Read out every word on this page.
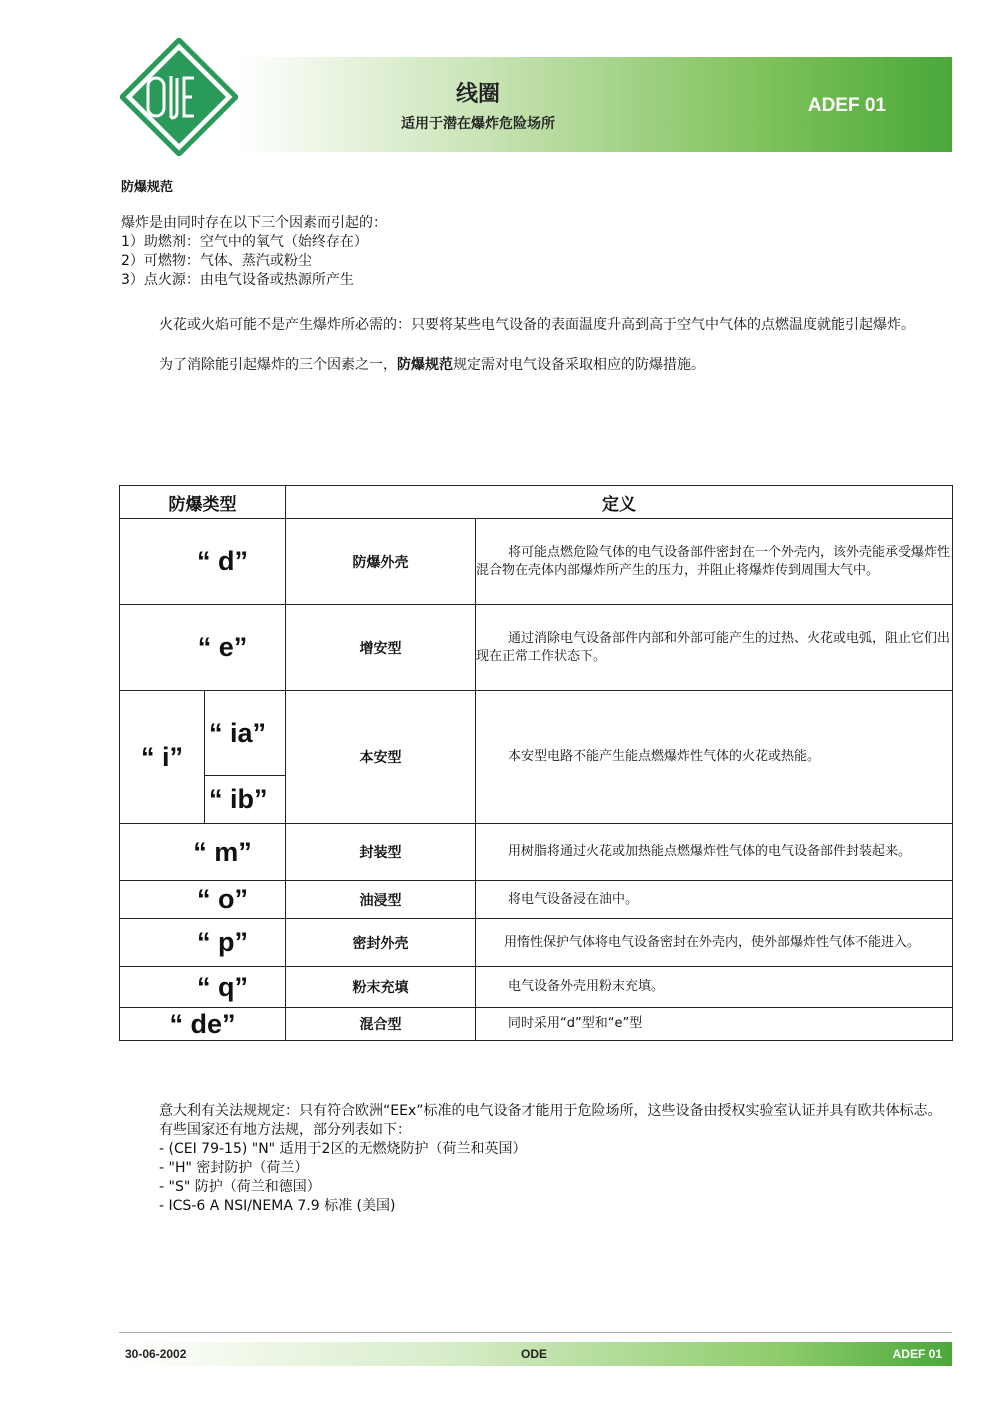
线圈
适用于潜在爆炸危险场所
ADEF 01
防爆规范
爆炸是由同时存在以下三个因素而引起的：
1）助燃剂：空气中的氧气（始终存在）
2）可燃物：气体、蒸汽或粉尘
3）点火源：由电气设备或热源所产生
火花或火焰可能不是产生爆炸所必需的：只要将某些电气设备的表面温度升高到高于空气中气体的点燃温度就能引起爆炸。
为了消除能引起爆炸的三个因素之一，防爆规范规定需对电气设备采取相应的防爆措施。
防爆类型		定义	
“ d”		防爆外壳	将可能点燃危险气体的电气设备部件密封在一个外壳内，该外壳能承受爆炸性混合物在壳体内部爆炸所产生的压力，并阻止将爆炸传到周围大气中。
“ e”		增安型	通过消除电气设备部件内部和外部可能产生的过热、火花或电弧，阻止它们出现在正常工作状态下。
“ i”	“ ia”	本安型	本安型电路不能产生能点燃爆炸性气体的火花或热能。
	“ ib”		
“ m”		封装型	用树脂将通过火花或加热能点燃爆炸性气体的电气设备部件封装起来。
“ o”		油浸型	将电气设备浸在油中。
“ p”		密封外壳	用惰性保护气体将电气设备密封在外壳内，使外部爆炸性气体不能进入。
“ q”		粉末充填	电气设备外壳用粉末充填。
“ de”		混合型	同时采用“d”型和“e”型
意大利有关法规规定：只有符合欧洲“EEx”标准的电气设备才能用于危险场所，这些设备由授权实验室认证并具有欧共体标志。
有些国家还有地方法规，部分列表如下：
- (CEI 79-15) "N" 适用于2区的无燃烧防护（荷兰和英国）
- "H" 密封防护（荷兰）
- "S" 防护（荷兰和德国）
- ICS-6 A NSI/NEMA 7.9 标准 (美国)
30-06-2002	ODE	ADEF 01
